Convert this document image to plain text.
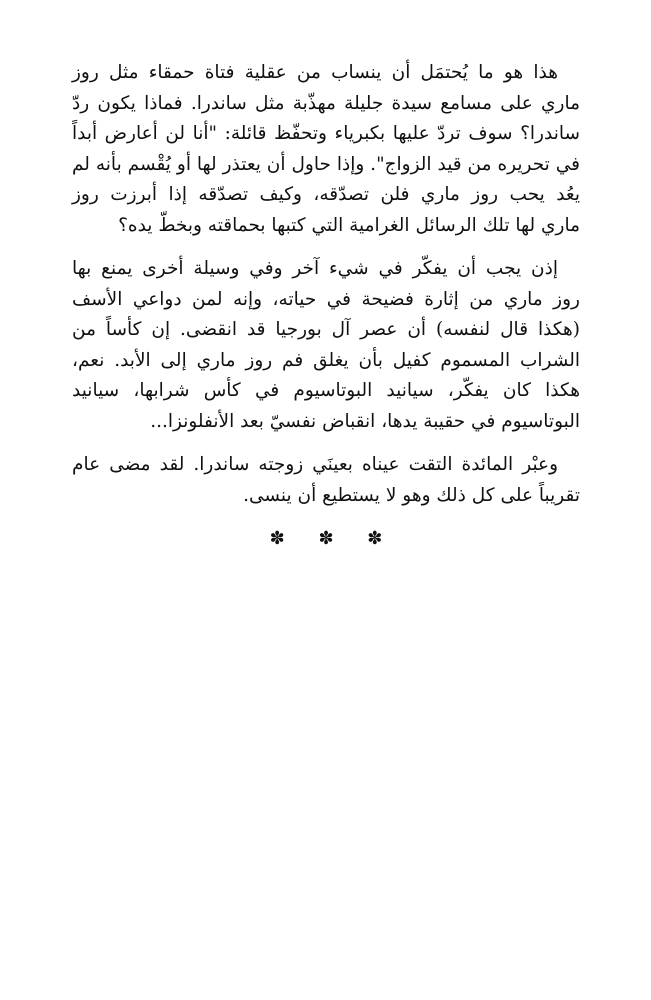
هذا هو ما يُحتمَل أن ينساب من عقلية فتاة حمقاء مثل روز
ماري على مسامع سيدة جليلة مهذّبة مثل ساندرا. فماذا يكون ردّ
ساندرا؟ سوف تردّ عليها بكبرياء وتحفّظ قائلة: "أنا لن أعارض أبداً
في تحريره من قيد الزواج". وإذا حاول أن يعتذر لها أو يُقْسم بأنه لم
يعُد يحب روز ماري فلن تصدّقه، وكيف تصدّقه إذا أبرزت روز
ماري لها تلك الرسائل الغرامية التي كتبها بحماقته وبخطّ يده؟

إذن يجب أن يفكّر في شيء آخر وفي وسيلة أخرى يمنع بها
روز ماري من إثارة فضيحة في حياته، وإنه لمن دواعي الأسف
(هكذا قال لنفسه) أن عصر آل بورجيا قد انقضى. إن كأساً من
الشراب المسموم كفيل بأن يغلق فم روز ماري إلى الأبد. نعم،
هكذا كان يفكّر، سيانيد البوتاسيوم في كأس شرابها، سيانيد
البوتاسيوم في حقيبة يدها، انقباض نفسيّ بعد الأنفلونزا...

وعبْر المائدة التقت عيناه بعينَي زوجته ساندرا. لقد مضى عام
تقريباً على كل ذلك وهو لا يستطيع أن ينسى.

✽ ✽ ✽
